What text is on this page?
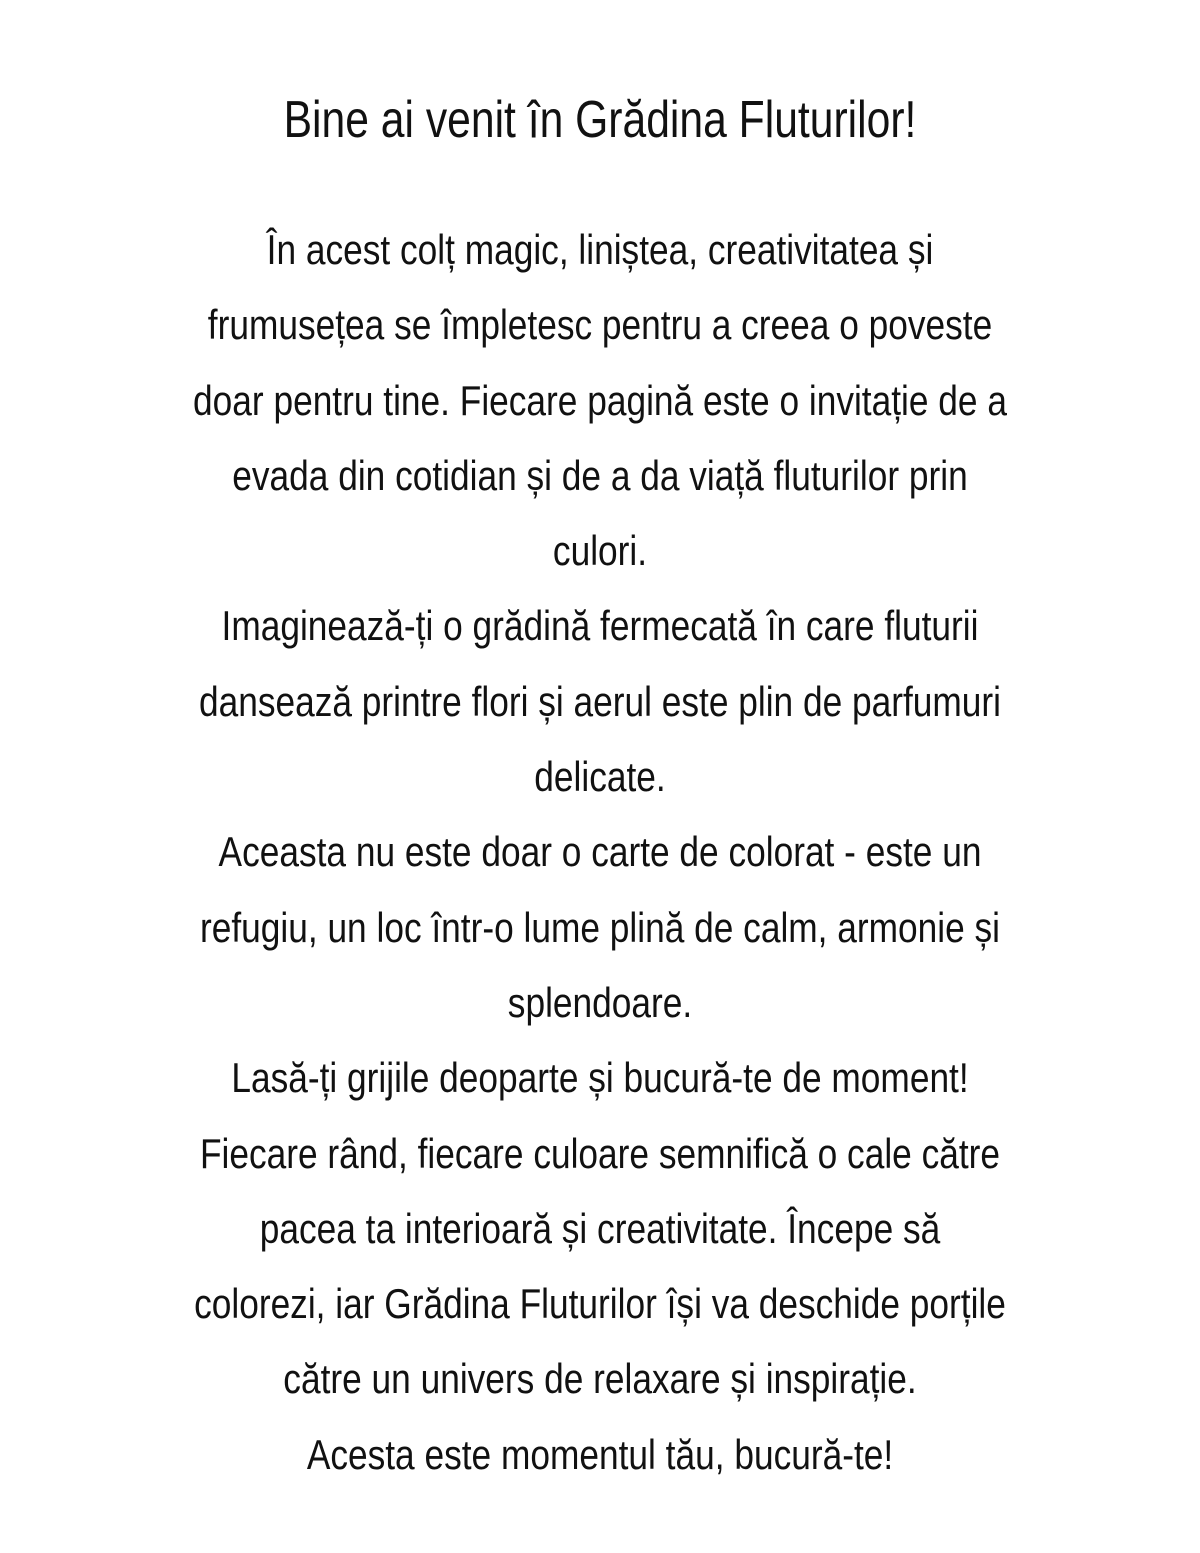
Bine ai venit în Grădina Fluturilor!
În acest colț magic, liniștea, creativitatea și
frumusețea se împletesc pentru a creea o poveste
doar pentru tine. Fiecare pagină este o invitație de a
evada din cotidian și de a da viață fluturilor prin
culori.
Imaginează-ți o grădină fermecată în care fluturii
dansează printre flori și aerul este plin de parfumuri
delicate.
Aceasta nu este doar o carte de colorat - este un
refugiu, un loc într-o lume plină de calm, armonie și
splendoare.
Lasă-ți grijile deoparte și bucură-te de moment!
Fiecare rând, fiecare culoare semnifică o cale către
pacea ta interioară și creativitate. Începe să
colorezi, iar Grădina Fluturilor își va deschide porțile
către un univers de relaxare și inspirație.
Acesta este momentul tău, bucură-te!
